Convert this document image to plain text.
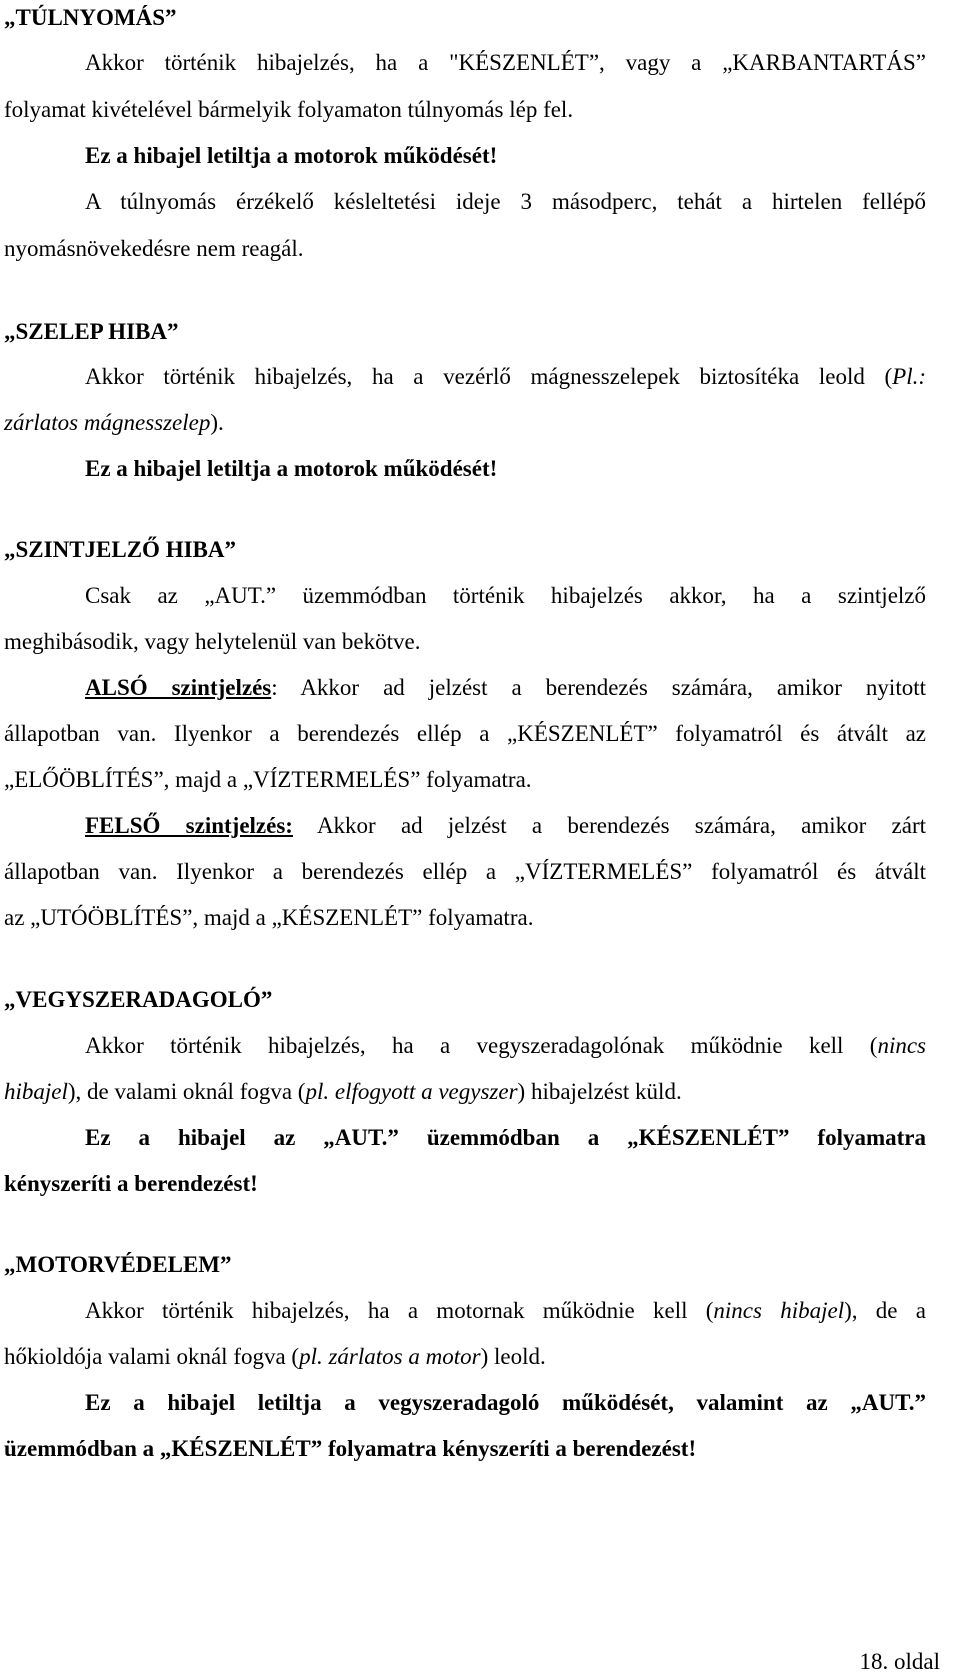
„TÚLNYOMÁS”
Akkor történik hibajelzés, ha a "KÉSZENLÉT”, vagy a „KARBANTARTÁS”
folyamat kivételével bármelyik folyamaton túlnyomás lép fel.
Ez a hibajel letiltja a motorok működését!
A túlnyomás érzékelő késleltetési ideje 3 másodperc, tehát a hirtelen fellépő
nyomásnövekedésre nem reagál.
„SZELEP HIBA”
Akkor történik hibajelzés, ha a vezérlő mágnesszelepek biztosítéka leold (Pl.:
zárlatos mágnesszelep).
Ez a hibajel letiltja a motorok működését!
„SZINTJELZŐ HIBA”
Csak az „AUT.” üzemmódban történik hibajelzés akkor, ha a szintjelző
meghibásodik, vagy helytelenül van bekötve.
ALSÓ szintjelzés: Akkor ad jelzést a berendezés számára, amikor nyitott
állapotban van. Ilyenkor a berendezés ellép a „KÉSZENLÉT” folyamatról és átvált az
„ELŐÖBLÍTÉS”, majd a „VÍZTERMELÉS” folyamatra.
FELSŐ szintjelzés: Akkor ad jelzést a berendezés számára, amikor zárt
állapotban van. Ilyenkor a berendezés ellép a „VÍZTERMELÉS” folyamatról és átvált
az „UTÓÖBLÍTÉS”, majd a „KÉSZENLÉT” folyamatra.
„VEGYSZERADAGOLÓ”
Akkor történik hibajelzés, ha a vegyszeradagolónak működnie kell (nincs
hibajel), de valami oknál fogva (pl. elfogyott a vegyszer) hibajelzést küld.
Ez a hibajel az „AUT.” üzemmódban a „KÉSZENLÉT” folyamatra
kényszeríti a berendezést!
„MOTORVÉDELEM”
Akkor történik hibajelzés, ha a motornak működnie kell (nincs hibajel), de a
hőkioldója valami oknál fogva (pl. zárlatos a motor) leold.
Ez a hibajel letiltja a vegyszeradagoló működését, valamint az „AUT.”
üzemmódban a „KÉSZENLÉT” folyamatra kényszeríti a berendezést!
18. oldal
